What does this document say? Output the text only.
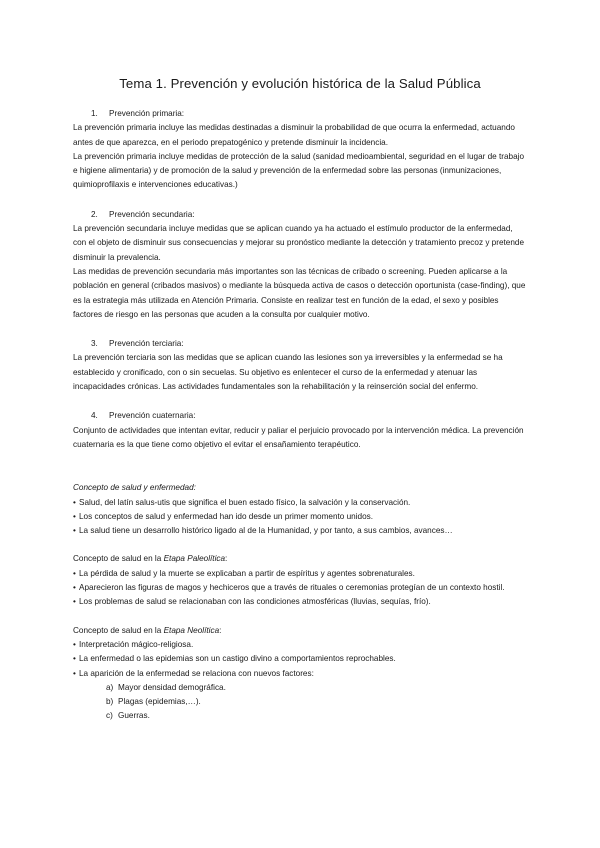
Tema 1. Prevención y evolución histórica de la Salud Pública

1. Prevención primaria:

La prevención primaria incluye las medidas destinadas a disminuir la probabilidad de que ocurra la enfermedad, actuando antes de que aparezca, en el periodo prepatogénico y pretende disminuir la incidencia.

La prevención primaria incluye medidas de protección de la salud (sanidad medioambiental, seguridad en el lugar de trabajo e higiene alimentaria) y de promoción de la salud y prevención de la enfermedad sobre las personas (inmunizaciones, quimioprofilaxis e intervenciones educativas.)

2. Prevención secundaria:

La prevención secundaria incluye medidas que se aplican cuando ya ha actuado el estímulo productor de la enfermedad, con el objeto de disminuir sus consecuencias y mejorar su pronóstico mediante la detección y tratamiento precoz y pretende disminuir la prevalencia.

Las medidas de prevención secundaria más importantes son las técnicas de cribado o screening. Pueden aplicarse a la población en general (cribados masivos) o mediante la búsqueda activa de casos o detección oportunista (case-finding), que es la estrategia más utilizada en Atención Primaria. Consiste en realizar test en función de la edad, el sexo y posibles factores de riesgo en las personas que acuden a la consulta por cualquier motivo.

3. Prevención terciaria:

La prevención terciaria son las medidas que se aplican cuando las lesiones son ya irreversibles y la enfermedad se ha establecido y cronificado, con o sin secuelas. Su objetivo es enlentecer el curso de la enfermedad y atenuar las incapacidades crónicas. Las actividades fundamentales son la rehabilitación y la reinserción social del enfermo.

4. Prevención cuaternaria:

Conjunto de actividades que intentan evitar, reducir y paliar el perjuicio provocado por la intervención médica. La prevención cuaternaria es la que tiene como objetivo el evitar el ensañamiento terapéutico.

Concepto de salud y enfermedad:

• Salud, del latín salus-utis que significa el buen estado físico, la salvación y la conservación.
• Los conceptos de salud y enfermedad han ido desde un primer momento unidos.
• La salud tiene un desarrollo histórico ligado al de la Humanidad, y por tanto, a sus cambios, avances…

Concepto de salud en la Etapa Paleolítica:

• La pérdida de salud y la muerte se explicaban a partir de espíritus y agentes sobrenaturales.
• Aparecieron las figuras de magos y hechiceros que a través de rituales o ceremonias protegían de un contexto hostil.
• Los problemas de salud se relacionaban con las condiciones atmosféricas (lluvias, sequías, frío).

Concepto de salud en la Etapa Neolítica:

• Interpretación mágico-religiosa.
• La enfermedad o las epidemias son un castigo divino a comportamientos reprochables.
• La aparición de la enfermedad se relaciona con nuevos factores:
a) Mayor densidad demográfica.
b) Plagas (epidemias,…).
c) Guerras.
